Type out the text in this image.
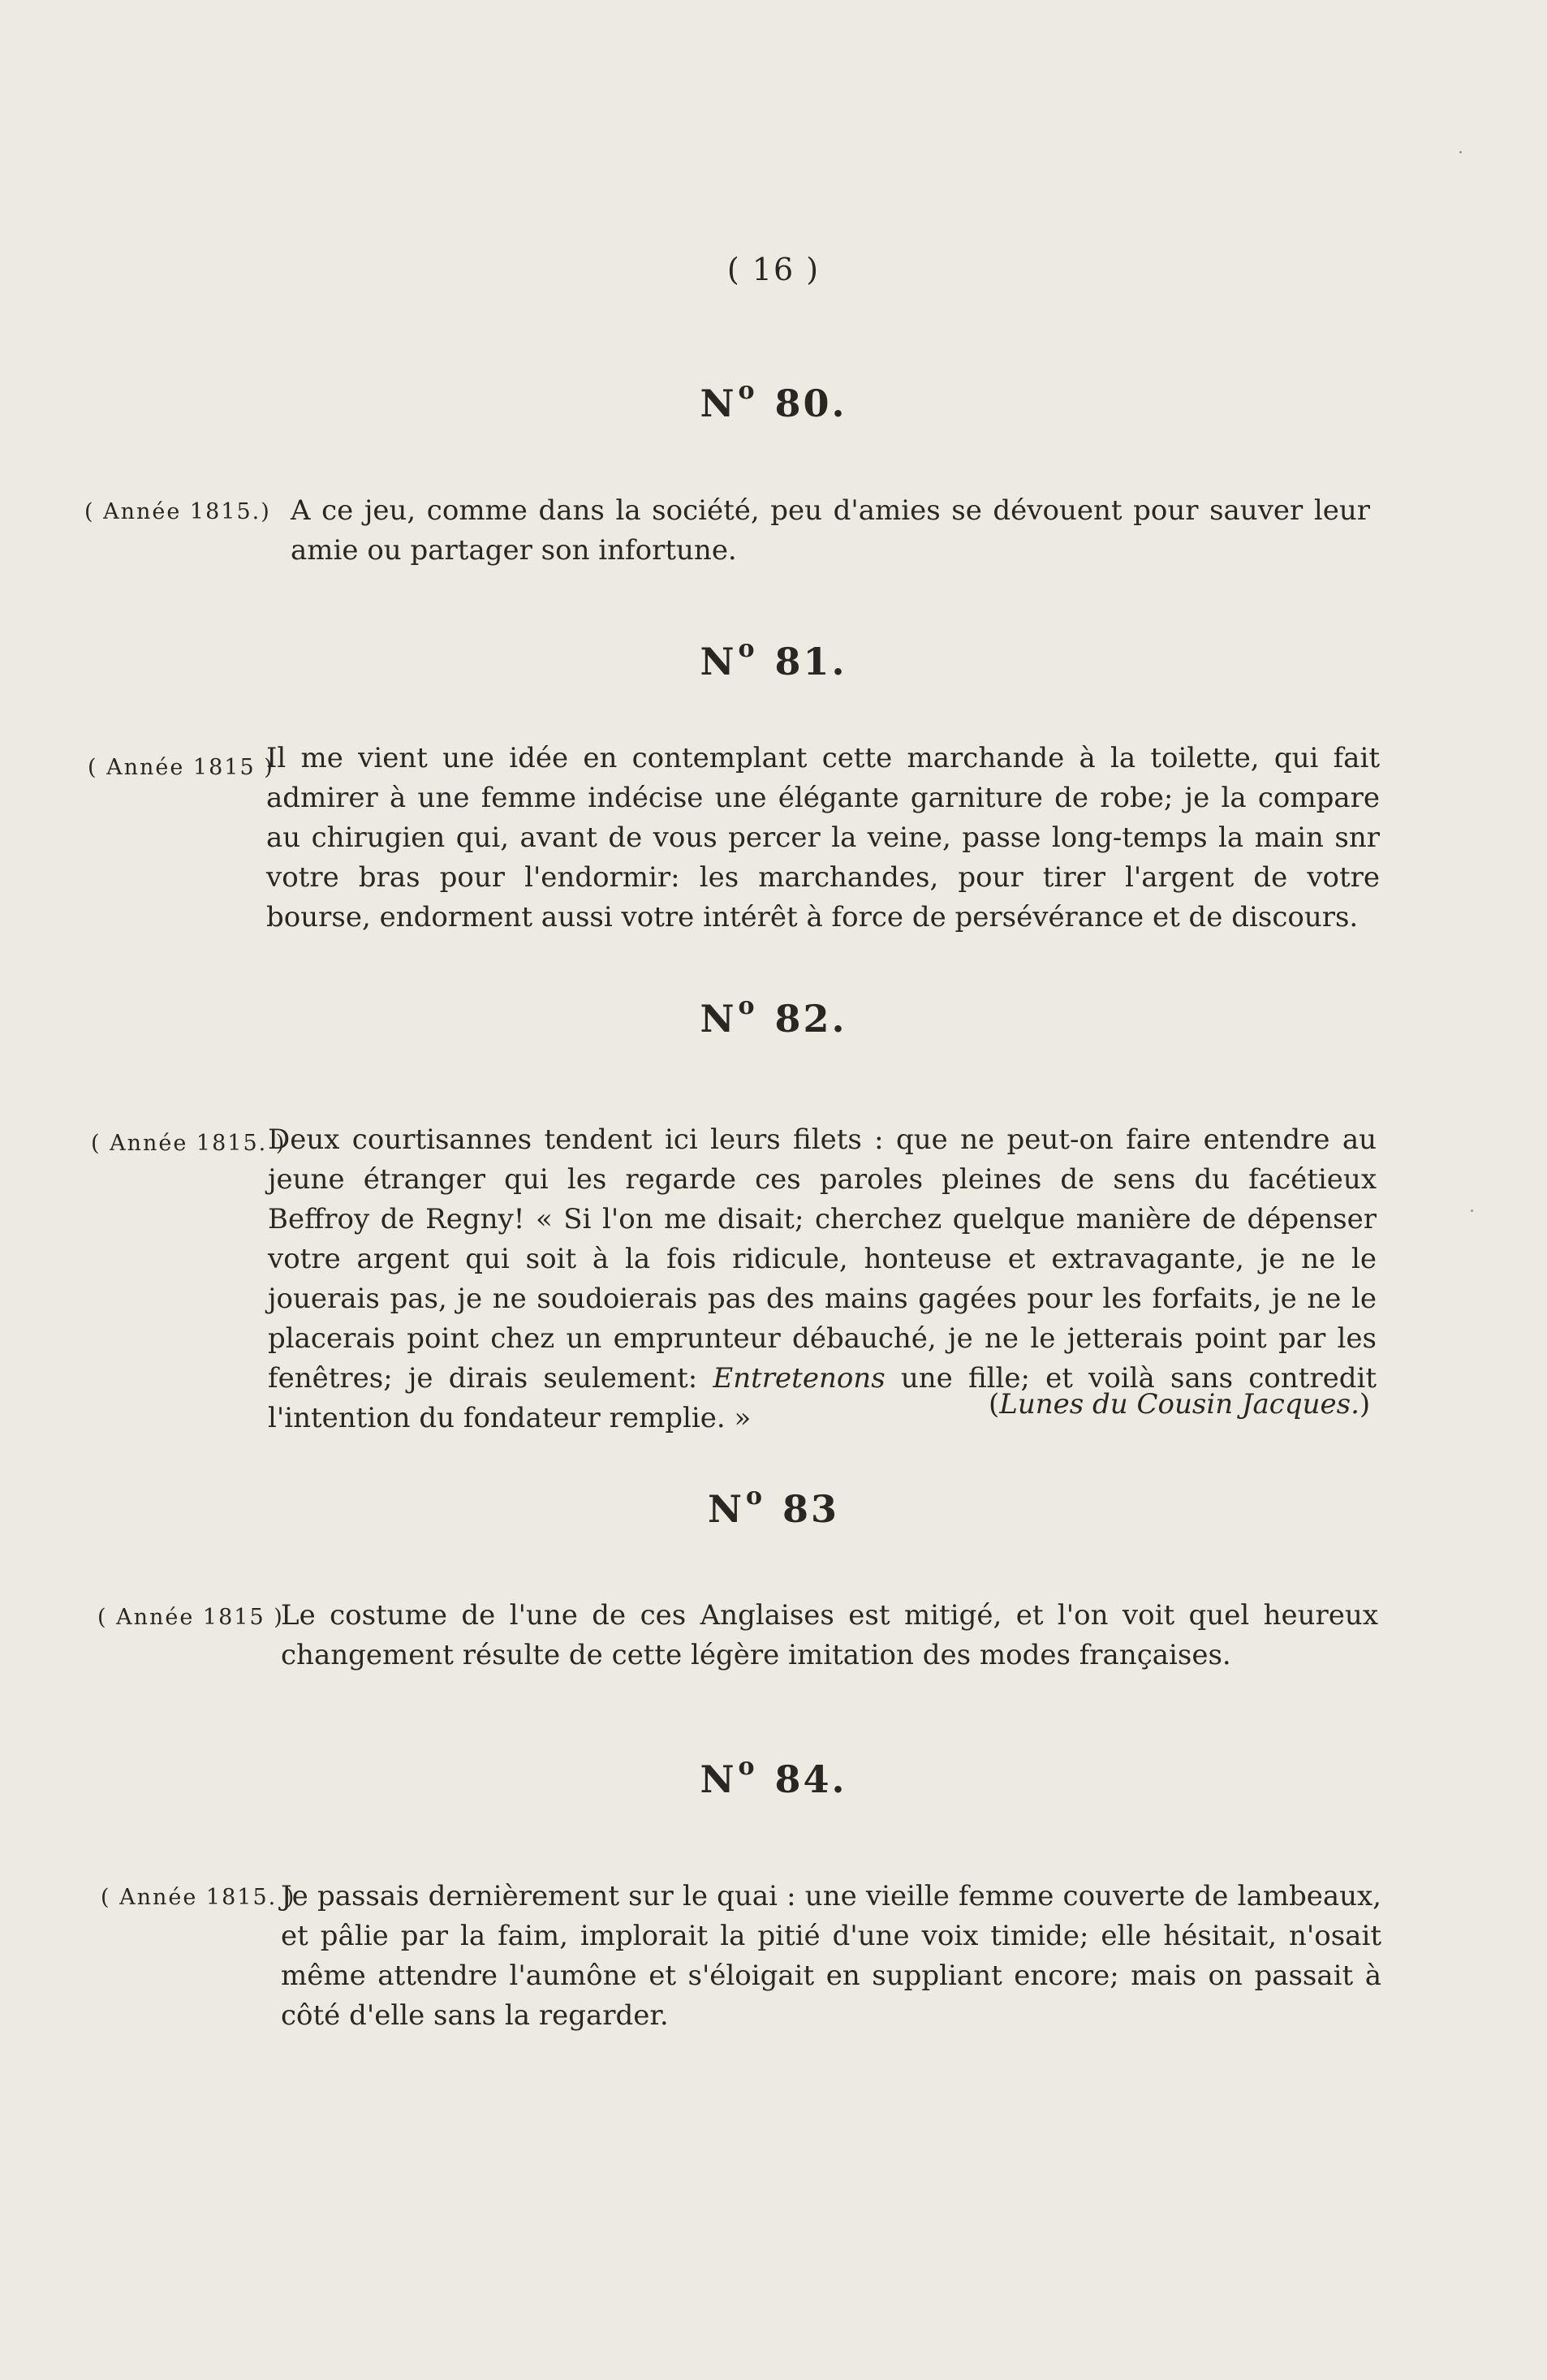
( 16 )
$N^o$ 80.
( Année 1815.) A ce jeu, comme dans la société, peu d'amies se dévouent pour sauver leur amie ou partager son infortune.
$N^o$ 81.
( Année 1815 )
Il me vient une idée en contemplant cette marchande à la toilette, qui fait admirer à une femme indécise une élégante garniture de robe; je la compare au chirugien qui, avant de vous percer la veine, passe long-temps la main snr votre bras pour l'endormir: les marchandes, pour tirer l'argent de votre bourse, endorment aussi votre intérêt à force de persévérance et de discours.
$N^o$ 82.
( Année 1815. )
Deux courtisannes tendent ici leurs filets : que ne peut-on faire entendre au jeune étranger qui les regarde ces paroles pleines de sens du facétieux Beffroy de Regny! « Si l'on me disait; cherchez quelque manière de dépenser votre argent qui soit à la fois ridicule, honteuse et extravagante, je ne le jouerais pas, je ne soudoierais pas des mains gagées pour les forfaits, je ne le placerais point chez un emprunteur débauché, je ne le jetterais point par les fenêtres; je dirais seulement: Entretenons une fille; et voilà sans contredit l'intention du fondateur remplie. »	(Lunes du Cousin Jacques.)
$N^o$ 83
( Année 1815 )
Le costume de l'une de ces Anglaises est mitigé, et l'on voit quel heureux changement résulte de cette légère imitation des modes françaises.
$N^o$ 84.
( Année 1815. )
Je passais dernièrement sur le quai : une vieille femme couverte de lambeaux, et pâlie par la faim, implorait la pitié d'une voix timide; elle hésitait, n'osait même attendre l'aumône et s'éloigait en suppliant encore; mais on passait à côté d'elle sans la regarder.
